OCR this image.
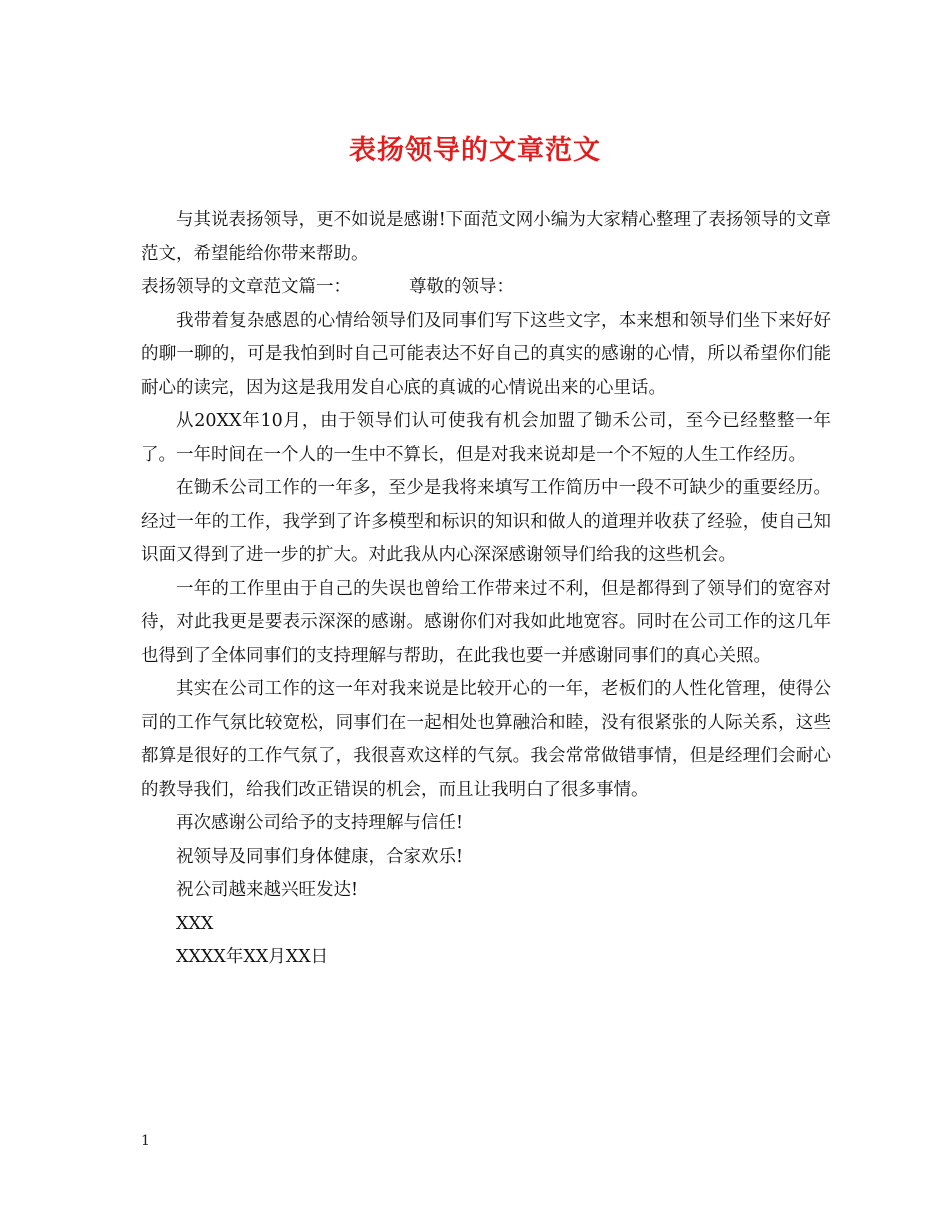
表扬领导的文章范文

与其说表扬领导，更不如说是感谢!下面范文网小编为大家精心整理了表扬领导的文章范文，希望能给你带来帮助。

表扬领导的文章范文篇一：	尊敬的领导：

我带着复杂感恩的心情给领导们及同事们写下这些文字，本来想和领导们坐下来好好的聊一聊的，可是我怕到时自己可能表达不好自己的真实的感谢的心情，所以希望你们能耐心的读完，因为这是我用发自心底的真诚的心情说出来的心里话。

从20XX年10月，由于领导们认可使我有机会加盟了锄禾公司，至今已经整整一年了。一年时间在一个人的一生中不算长，但是对我来说却是一个不短的人生工作经历。

在锄禾公司工作的一年多，至少是我将来填写工作简历中一段不可缺少的重要经历。经过一年的工作，我学到了许多模型和标识的知识和做人的道理并收获了经验，使自己知识面又得到了进一步的扩大。对此我从内心深深感谢领导们给我的这些机会。

一年的工作里由于自己的失误也曾给工作带来过不利，但是都得到了领导们的宽容对待，对此我更是要表示深深的感谢。感谢你们对我如此地宽容。同时在公司工作的这几年也得到了全体同事们的支持理解与帮助，在此我也要一并感谢同事们的真心关照。

其实在公司工作的这一年对我来说是比较开心的一年，老板们的人性化管理，使得公司的工作气氛比较宽松，同事们在一起相处也算融洽和睦，没有很紧张的人际关系，这些都算是很好的工作气氛了，我很喜欢这样的气氛。我会常常做错事情，但是经理们会耐心的教导我们，给我们改正错误的机会，而且让我明白了很多事情。

再次感谢公司给予的支持理解与信任!

祝领导及同事们身体健康，合家欢乐!

祝公司越来越兴旺发达!

XXX

XXXX年XX月XX日

1
